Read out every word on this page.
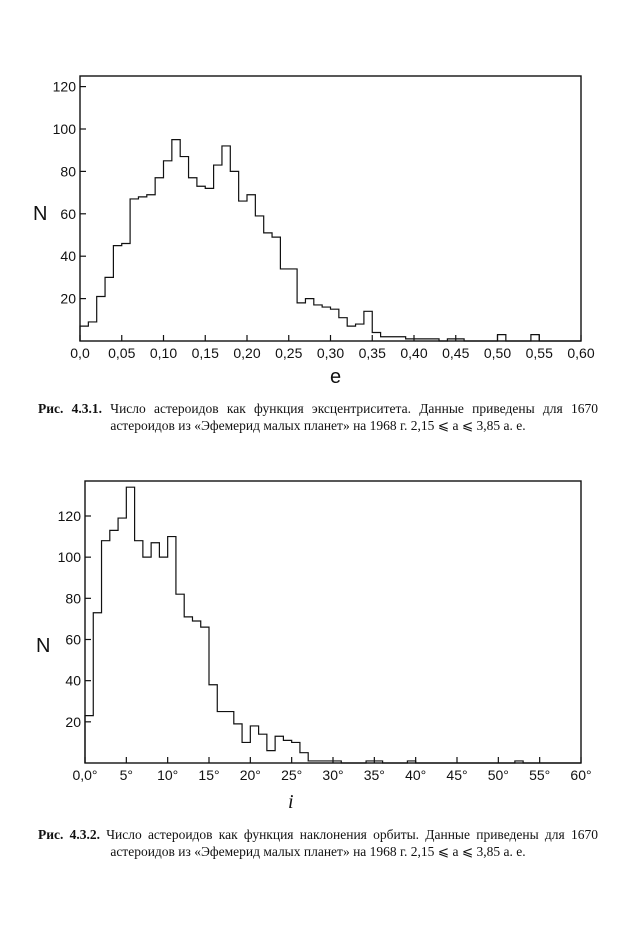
0,0 0,05 0,10 0,15 0,20 0,25 0,30 0,35 0,40 0,45 0,50 0,55 0,60
20
40
60
80
100
120
N
e
0,0° 5° 10° 15° 20° 25° 30° 35° 40° 45° 50° 55° 60°
20
40
60
80
100
120
N
i
Рис. 4.3.1. Число астероидов как функция эксцентриситета. Данные приведены для 1670 астероидов из «Эфемерид малых планет» на 1968 г. 2,15 ⩽ a ⩽ 3,85 а. е.
Рис. 4.3.2. Число астероидов как функция наклонения орбиты. Данные приведены для 1670 астероидов из «Эфемерид малых планет» на 1968 г. 2,15 ⩽ a ⩽ 3,85 а. е.
